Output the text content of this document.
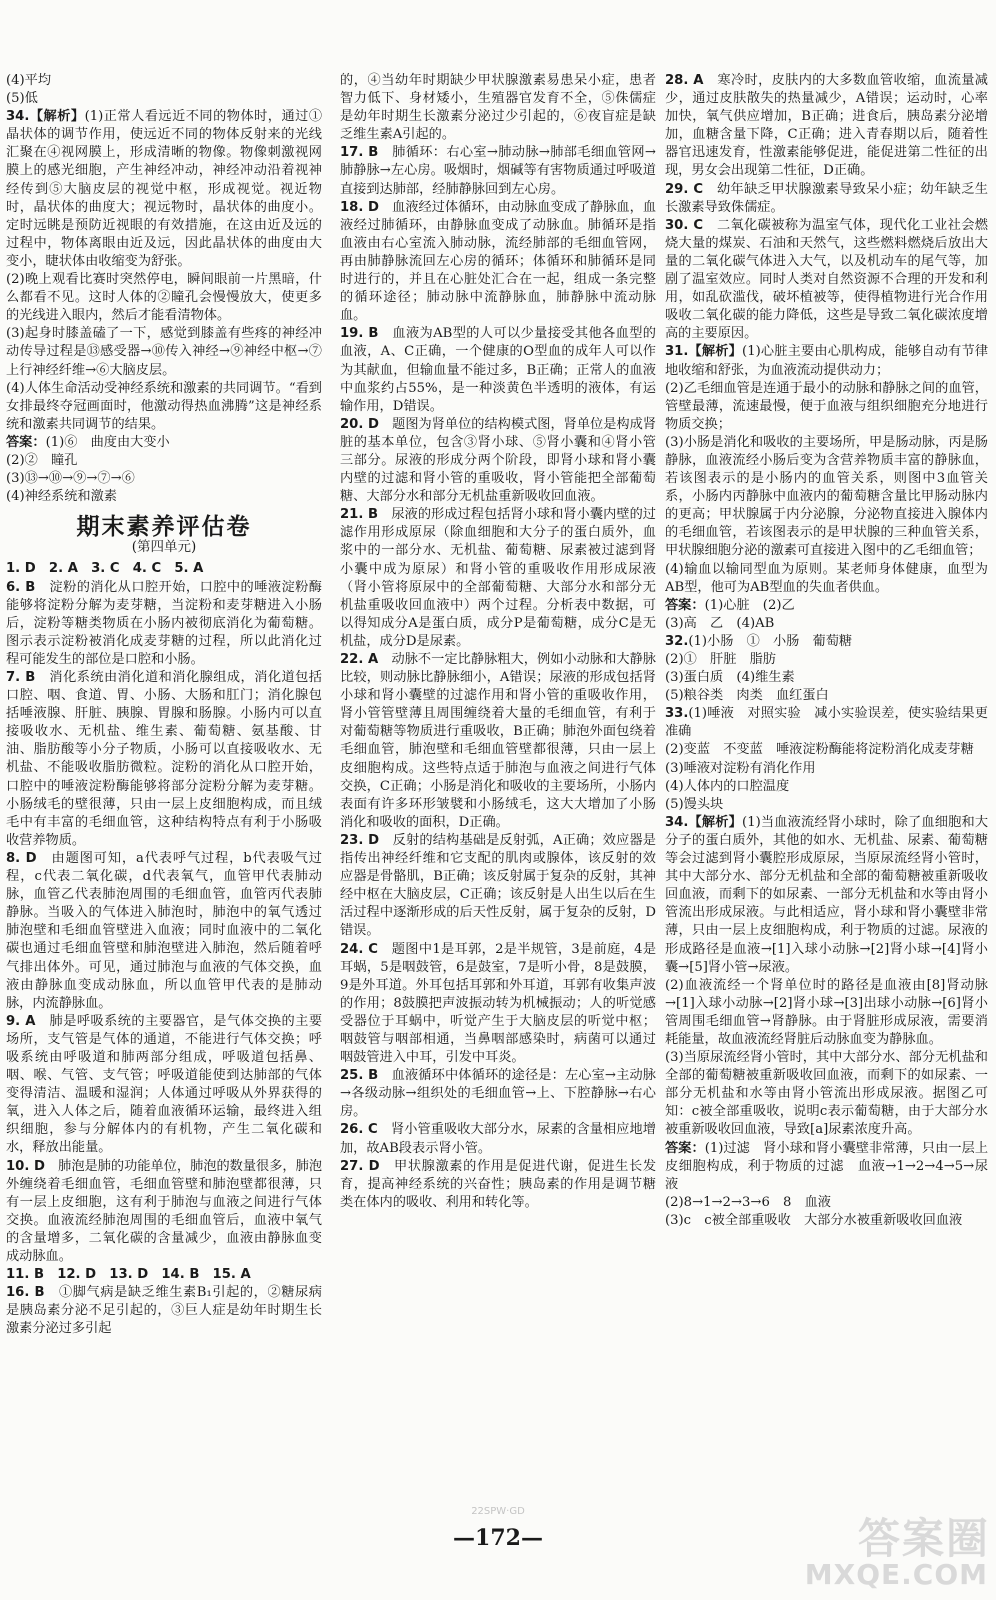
(4)平均

(5)低

34.【解析】(1)正常人看远近不同的物体时，通过①晶状体的调节作用，使远近不同的物体反射来的光线汇聚在④视网膜上，形成清晰的物像。物像刺激视网膜上的感光细胞，产生神经冲动，神经冲动沿着视神经传到⑤大脑皮层的视觉中枢，形成视觉。视近物时，晶状体的曲度大；视远物时，晶状体的曲度小。定时远眺是预防近视眼的有效措施，在这由近及远的过程中，物体离眼由近及远，因此晶状体的曲度由大变小，睫状体由收缩变为舒张。

(2)晚上观看比赛时突然停电，瞬间眼前一片黑暗，什么都看不见。这时人体的②瞳孔会慢慢放大，使更多的光线进入眼内，然后才能看清物体。

(3)起身时膝盖磕了一下，感觉到膝盖有些疼的神经冲动传导过程是⑬感受器→⑩传入神经→⑨神经中枢→⑦上行神经纤维→⑥大脑皮层。

(4)人体生命活动受神经系统和激素的共同调节。“看到女排最终夺冠画面时，他激动得热血沸腾”这是神经系统和激素共同调节的结果。

答案：(1)⑥　曲度由大变小

(2)②　瞳孔

(3)⑬→⑩→⑨→⑦→⑥

(4)神经系统和激素

期末素养评估卷
(第四单元)

1. D　2. A　3. C　4. C　5. A

6. B　淀粉的消化从口腔开始，口腔中的唾液淀粉酶能够将淀粉分解为麦芽糖，当淀粉和麦芽糖进入小肠后，淀粉等糖类物质在小肠内被彻底消化为葡萄糖。图示表示淀粉被消化成麦芽糖的过程，所以此消化过程可能发生的部位是口腔和小肠。

7. B　消化系统由消化道和消化腺组成，消化道包括口腔、咽、食道、胃、小肠、大肠和肛门；消化腺包括唾液腺、肝脏、胰腺、胃腺和肠腺。小肠内可以直接吸收水、无机盐、维生素、葡萄糖、氨基酸、甘油、脂肪酸等小分子物质，小肠可以直接吸收水、无机盐、不能吸收脂肪微粒。淀粉的消化从口腔开始，口腔中的唾液淀粉酶能够将部分淀粉分解为麦芽糖。小肠绒毛的壁很薄，只由一层上皮细胞构成，而且绒毛中有丰富的毛细血管，这种结构特点有利于小肠吸收营养物质。

8. D　由题图可知，a代表呼气过程，b代表吸气过程，c代表二氧化碳，d代表氧气，血管甲代表肺动脉，血管乙代表肺泡周围的毛细血管，血管丙代表肺静脉。当吸入的气体进入肺泡时，肺泡中的氧气透过肺泡壁和毛细血管壁进入血液；同时血液中的二氧化碳也通过毛细血管壁和肺泡壁进入肺泡，然后随着呼气排出体外。可见，通过肺泡与血液的气体交换，血液由静脉血变成动脉血，所以血管甲代表的是肺动脉，内流静脉血。

9. A　肺是呼吸系统的主要器官，是气体交换的主要场所，支气管是气体的通道，不能进行气体交换；呼吸系统由呼吸道和肺两部分组成，呼吸道包括鼻、咽、喉、气管、支气管；呼吸道能使到达肺部的气体变得清洁、温暖和湿润；人体通过呼吸从外界获得的氧，进入人体之后，随着血液循环运输，最终进入组织细胞，参与分解体内的有机物，产生二氧化碳和水，释放出能量。

10. D　肺泡是肺的功能单位，肺泡的数量很多，肺泡外缠绕着毛细血管，毛细血管壁和肺泡壁都很薄，只有一层上皮细胞，这有利于肺泡与血液之间进行气体交换。血液流经肺泡周围的毛细血管后，血液中氧气的含量增多，二氧化碳的含量减少，血液由静脉血变成动脉血。

11. B　12. D　13. D　14. B　15. A

16. B　①脚气病是缺乏维生素B₁引起的，②糖尿病是胰岛素分泌不足引起的，③巨人症是幼年时期生长激素分泌过多引起

的，④当幼年时期缺少甲状腺激素易患呆小症，患者智力低下、身材矮小，生殖器官发育不全，⑤侏儒症是幼年时期生长激素分泌过少引起的，⑥夜盲症是缺乏维生素A引起的。

17. B　肺循环：右心室→肺动脉→肺部毛细血管网→肺静脉→左心房。吸烟时，烟碱等有害物质通过呼吸道直接到达肺部，经肺静脉回到左心房。

18. D　血液经过体循环，由动脉血变成了静脉血，血液经过肺循环，由静脉血变成了动脉血。肺循环是指血液由右心室流入肺动脉，流经肺部的毛细血管网，再由肺静脉流回左心房的循环；体循环和肺循环是同时进行的，并且在心脏处汇合在一起，组成一条完整的循环途径；肺动脉中流静脉血，肺静脉中流动脉血。

19. B　血液为AB型的人可以少量接受其他各血型的血液，A、C正确，一个健康的O型血的成年人可以作为其献血，但输血量不能过多，B正确；正常人的血液中血浆约占55%，是一种淡黄色半透明的液体，有运输作用，D错误。

20. D　题图为肾单位的结构模式图，肾单位是构成肾脏的基本单位，包含③肾小球、⑤肾小囊和④肾小管三部分。尿液的形成分两个阶段，即肾小球和肾小囊内壁的过滤和肾小管的重吸收，肾小管能把全部葡萄糖、大部分水和部分无机盐重新吸收回血液。

21. B　尿液的形成过程包括肾小球和肾小囊内壁的过滤作用形成原尿（除血细胞和大分子的蛋白质外，血浆中的一部分水、无机盐、葡萄糖、尿素被过滤到肾小囊中成为原尿）和肾小管的重吸收作用形成尿液（肾小管将原尿中的全部葡萄糖、大部分水和部分无机盐重吸收回血液中）两个过程。分析表中数据，可以得知成分A是蛋白质，成分P是葡萄糖，成分C是无机盐，成分D是尿素。

22. A　动脉不一定比静脉粗大，例如小动脉和大静脉比较，则动脉比静脉细小，A错误；尿液的形成包括肾小球和肾小囊壁的过滤作用和肾小管的重吸收作用，肾小管管壁薄且周围缠绕着大量的毛细血管，有利于对葡萄糖等物质进行重吸收，B正确；肺泡外面包绕着毛细血管，肺泡壁和毛细血管壁都很薄，只由一层上皮细胞构成。这些特点适于肺泡与血液之间进行气体交换，C正确；小肠是消化和吸收的主要场所，小肠内表面有许多环形皱襞和小肠绒毛，这大大增加了小肠消化和吸收的面积，D正确。

23. D　反射的结构基础是反射弧，A正确；效应器是指传出神经纤维和它支配的肌肉或腺体，该反射的效应器是骨骼肌，B正确；该反射属于复杂的反射，其神经中枢在大脑皮层，C正确；该反射是人出生以后在生活过程中逐渐形成的后天性反射，属于复杂的反射，D错误。

24. C　题图中1是耳郭，2是半规管，3是前庭，4是耳蜗，5是咽鼓管，6是鼓室，7是听小骨，8是鼓膜，9是外耳道。外耳包括耳郭和外耳道，耳郭有收集声波的作用；8鼓膜把声波振动转为机械振动；人的听觉感受器位于耳蜗中，听觉产生于大脑皮层的听觉中枢；咽鼓管与咽部相通，当鼻咽部感染时，病菌可以通过咽鼓管进入中耳，引发中耳炎。

25. B　血液循环中体循环的途径是：左心室→主动脉→各级动脉→组织处的毛细血管→上、下腔静脉→右心房。

26. C　肾小管重吸收大部分水，尿素的含量相应地增加，故AB段表示肾小管。

27. D　甲状腺激素的作用是促进代谢，促进生长发育，提高神经系统的兴奋性；胰岛素的作用是调节糖类在体内的吸收、利用和转化等。

28. A　寒冷时，皮肤内的大多数血管收缩，血流量减少，通过皮肤散失的热量减少，A错误；运动时，心率加快，氧气供应增加，B正确；进食后，胰岛素分泌增加，血糖含量下降，C正确；进入青春期以后，随着性器官迅速发育，性激素能够促进，能促进第二性征的出现，男女会出现第二性征，D正确。

29. C　幼年缺乏甲状腺激素导致呆小症；幼年缺乏生长激素导致侏儒症。

30. C　二氧化碳被称为温室气体，现代化工业社会燃烧大量的煤炭、石油和天然气，这些燃料燃烧后放出大量的二氧化碳气体进入大气，以及机动车的尾气等，加剧了温室效应。同时人类对自然资源不合理的开发和利用，如乱砍滥伐，破坏植被等，使得植物进行光合作用吸收二氧化碳的能力降低，这些是导致二氧化碳浓度增高的主要原因。

31.【解析】(1)心脏主要由心肌构成，能够自动有节律地收缩和舒张，为血液流动提供动力；

(2)乙毛细血管是连通于最小的动脉和静脉之间的血管，管壁最薄，流速最慢，便于血液与组织细胞充分地进行物质交换；

(3)小肠是消化和吸收的主要场所，甲是肠动脉，丙是肠静脉，血液流经小肠后变为含营养物质丰富的静脉血，若该图表示的是小肠内的血管关系，则图中3血管关系，小肠内丙静脉中血液内的葡萄糖含量比甲肠动脉内的更高；甲状腺属于内分泌腺，分泌物直接进入腺体内的毛细血管，若该图表示的是甲状腺的三种血管关系，甲状腺细胞分泌的激素可直接进入图中的乙毛细血管；

(4)输血以输同型血为原则。某老师身体健康，血型为AB型，他可为AB型血的失血者供血。

答案：(1)心脏　(2)乙

(3)高　乙　(4)AB

32.(1)小肠　①　小肠　葡萄糖

(2)①　肝脏　脂肪

(3)蛋白质　(4)维生素

(5)粮谷类　肉类　血红蛋白

33.(1)唾液　对照实验　减小实验误差，使实验结果更准确

(2)变蓝　不变蓝　唾液淀粉酶能将淀粉消化成麦芽糖

(3)唾液对淀粉有消化作用

(4)人体内的口腔温度

(5)馒头块

34.【解析】(1)当血液流经肾小球时，除了血细胞和大分子的蛋白质外，其他的如水、无机盐、尿素、葡萄糖等会过滤到肾小囊腔形成原尿，当原尿流经肾小管时，其中大部分水、部分无机盐和全部的葡萄糖被重新吸收回血液，而剩下的如尿素、一部分无机盐和水等由肾小管流出形成尿液。与此相适应，肾小球和肾小囊壁非常薄，只由一层上皮细胞构成，利于物质的过滤。尿液的形成路径是血液→[1]入球小动脉→[2]肾小球→[4]肾小囊→[5]肾小管→尿液。

(2)血液流经一个肾单位时的路径是血液由[8]肾动脉→[1]入球小动脉→[2]肾小球→[3]出球小动脉→[6]肾小管周围毛细血管→肾静脉。由于肾脏形成尿液，需要消耗能量，故血液流经肾脏后动脉血变为静脉血。

(3)当原尿流经肾小管时，其中大部分水、部分无机盐和全部的葡萄糖被重新吸收回血液，而剩下的如尿素、一部分无机盐和水等由肾小管流出形成尿液。据图乙可知：c被全部重吸收，说明c表示葡萄糖，由于大部分水被重新吸收回血液，导致[a]尿素浓度升高。

答案：(1)过滤　肾小球和肾小囊壁非常薄，只由一层上皮细胞构成，利于物质的过滤　血液→1→2→4→5→尿液

(2)8→1→2→3→6　8　血液

(3)c　c被全部重吸收　大部分水被重新吸收回血液

22SPW·GD
—172—	答案圈
MXQE.COM
